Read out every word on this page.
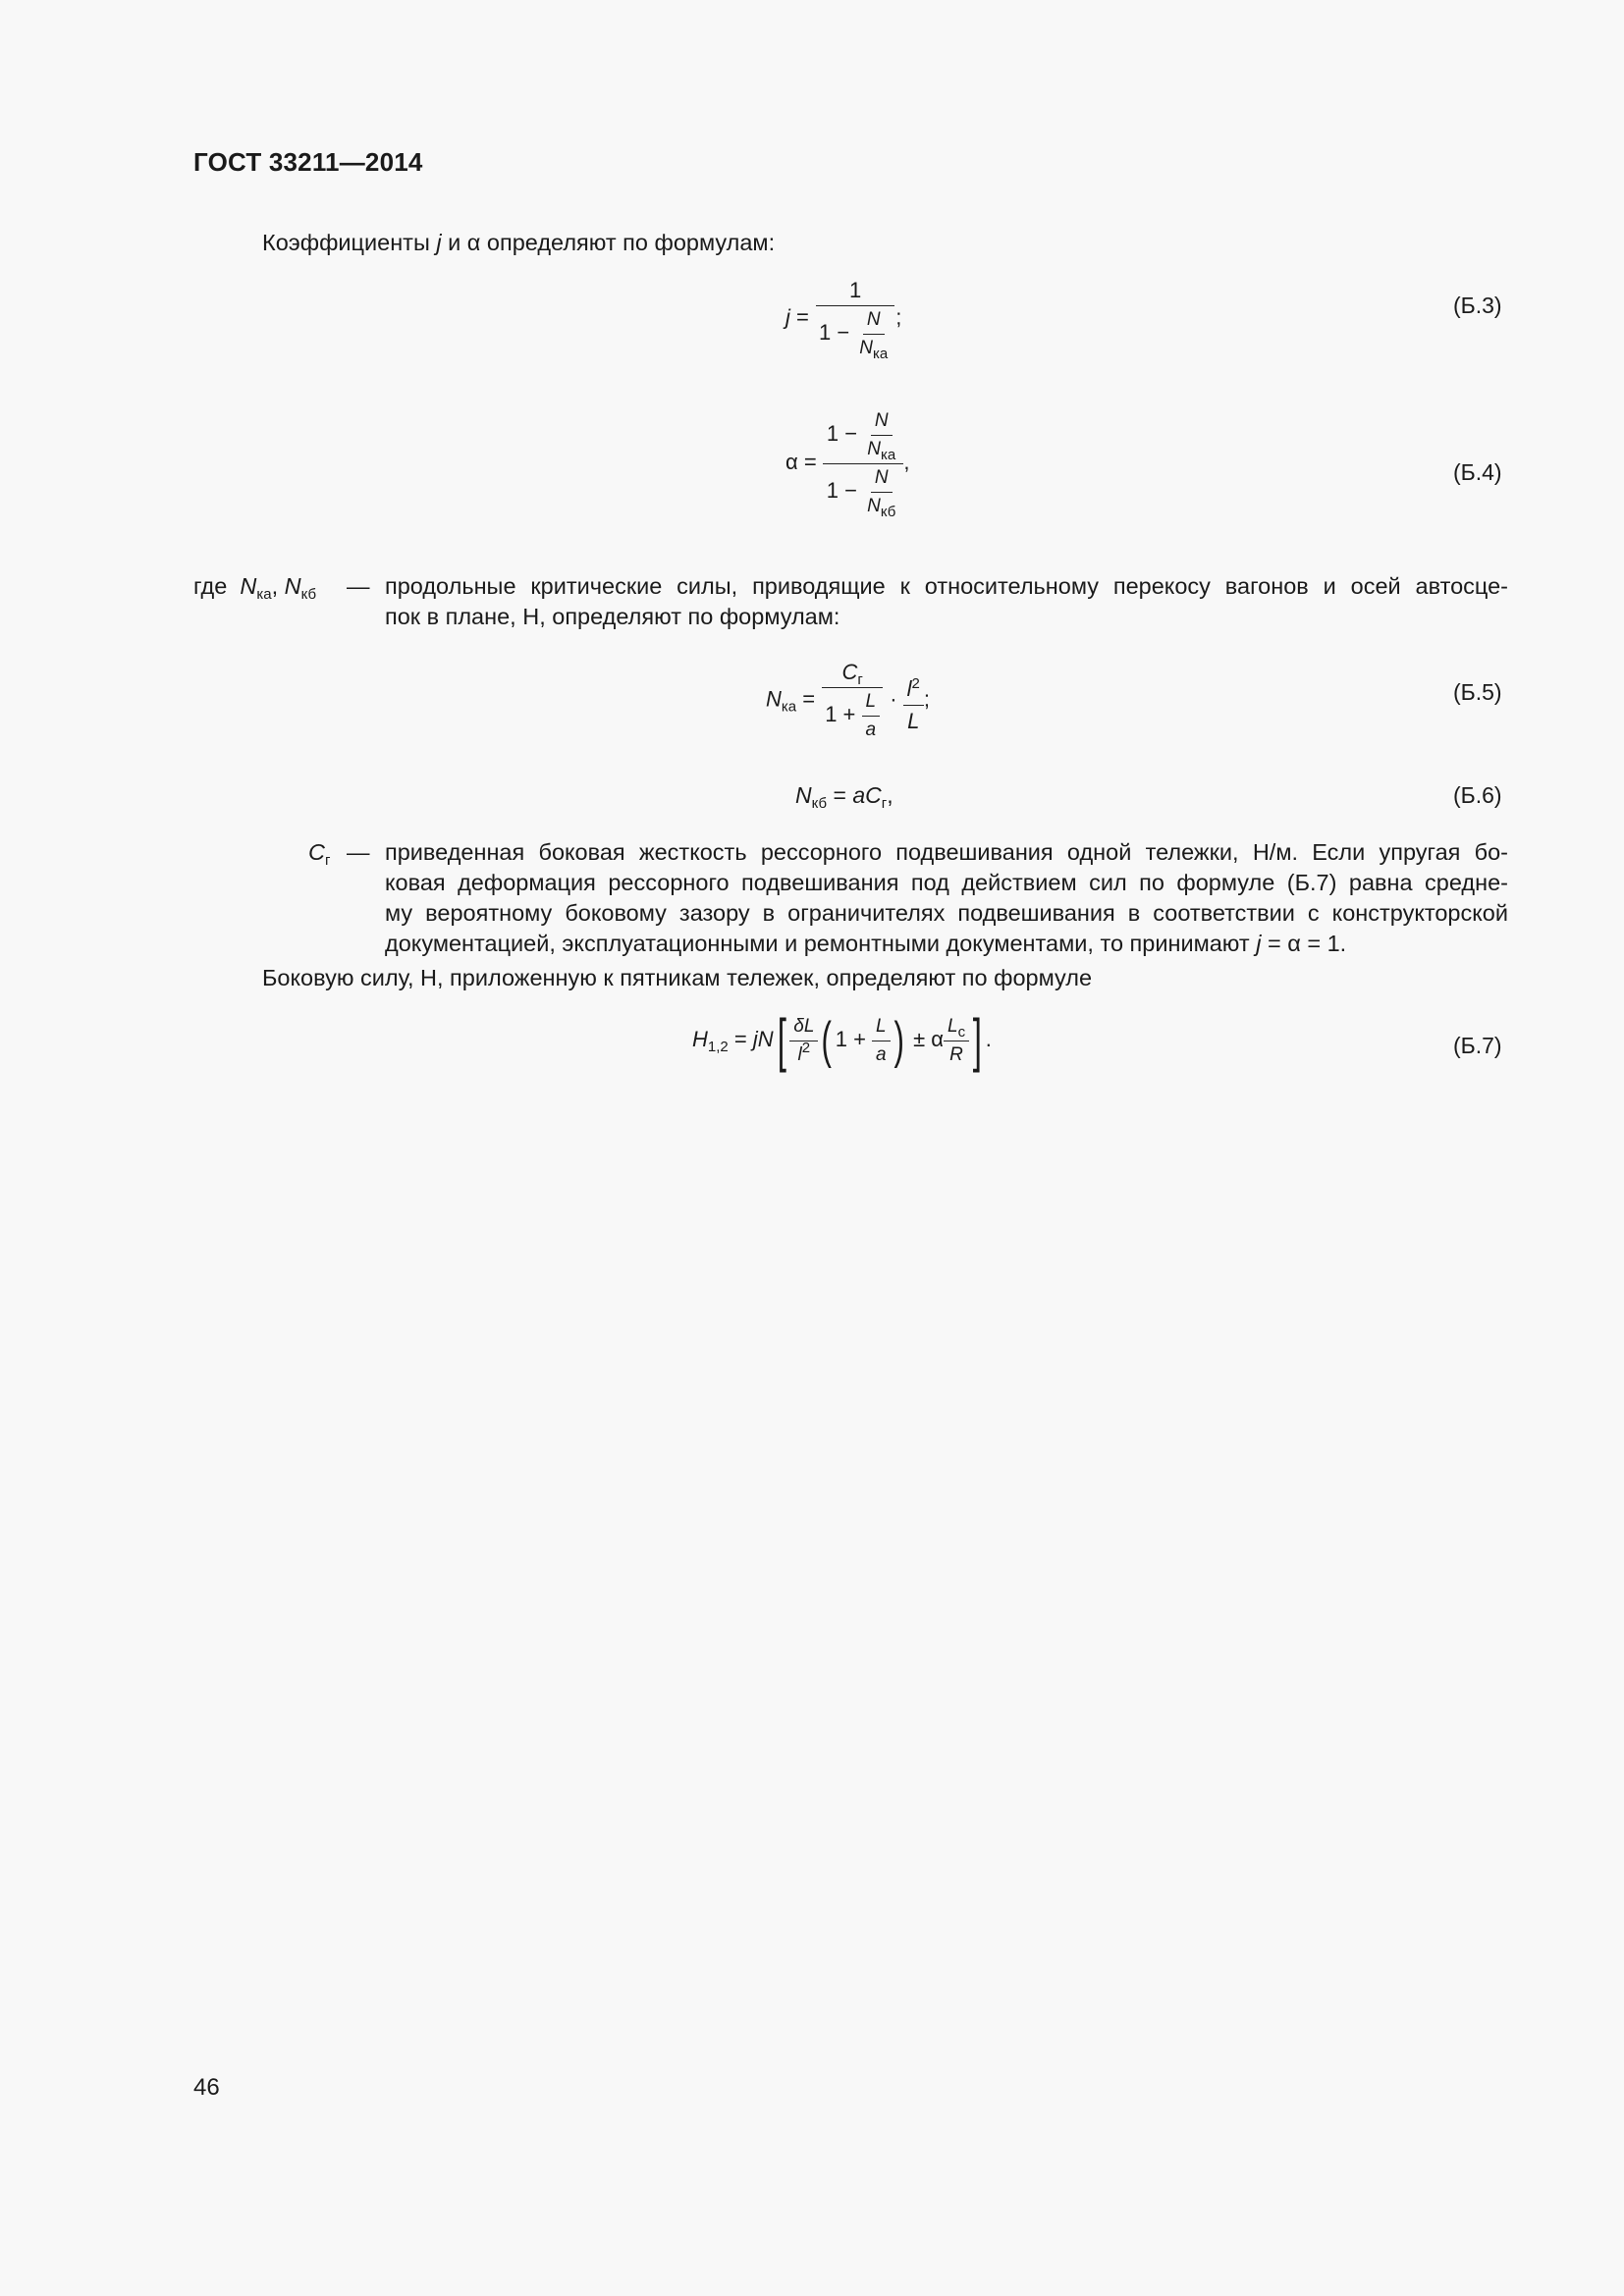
ГОСТ 33211—2014
Коэффициенты j и α определяют по формулам:
$j = \frac{1}{1 - \frac{N}{N_{ка}}}$ ;	(Б.3)
$\alpha = \frac{1 - \frac{N}{N_{ка}}}{1 - \frac{N}{N_{кб}}}$ ,	(Б.4)
где $N_{ка}$, $N_{кб}$ — продольные критические силы, приводящие к относительному перекосу вагонов и осей автосце-
пок в плане, Н, определяют по формулам:
$N_{ка} = \frac{C_г}{1 + \frac{L}{a}} \cdot \frac{l^2}{L}$ ;	(Б.5)
$N_{кб} = aC_г$,	(Б.6)
$C_г$ — приведенная боковая жесткость рессорного подвешивания одной тележки, Н/м. Если упругая бо-
ковая деформация рессорного подвешивания под действием сил по формуле (Б.7) равна средне-
му вероятному боковому зазору в ограничителях подвешивания в соответствии с конструкторской
документацией, эксплуатационными и ремонтными документами, то принимают j = α = 1.
Боковую силу, Н, приложенную к пятникам тележек, определяют по формуле
$H_{1,2} = jN[ \frac{\delta L}{l^2}$ ( $1 + \frac{L}{a}$ ) ± α $\frac{L_c}{R}$ ] .	(Б.7)
46
